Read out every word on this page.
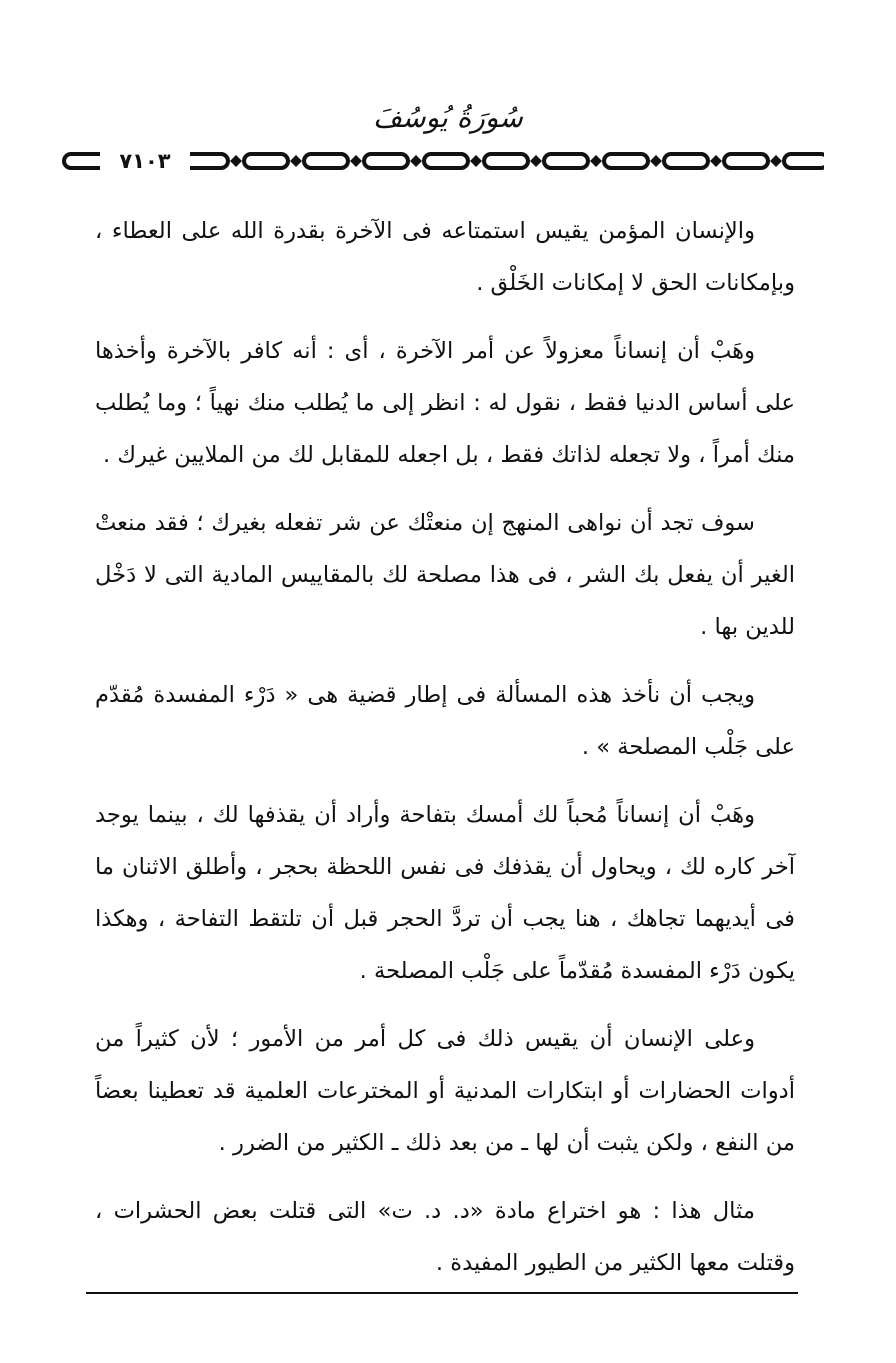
سُورَةُ يُوسُفَ
٧١٠٣

والإنسان المؤمن يقيس استمتاعه فى الآخرة بقدرة الله على العطاء ، وبإمكانات الحق لا إمكانات الخَلْق .

وهَبْ أن إنساناً معزولاً عن أمر الآخرة ، أى : أنه كافر بالآخرة وأخذها على أساس الدنيا فقط ، نقول له : انظر إلى ما يُطلب منك نهياً ؛ وما يُطلب منك أمراً ، ولا تجعله لذاتك فقط ، بل اجعله للمقابل لك من الملايين غيرك .

سوف تجد أن نواهى المنهج إن منعتْك عن شر تفعله بغيرك ؛ فقد منعتْ الغير أن يفعل بك الشر ، فى هذا مصلحة لك بالمقاييس المادية التى لا دَخْل للدين بها .

ويجب أن نأخذ هذه المسألة فى إطار قضية هى « دَرْء المفسدة مُقدّم على جَلْب المصلحة » .

وهَبْ أن إنساناً مُحباً لك أمسك بتفاحة وأراد أن يقذفها لك ، بينما يوجد آخر كاره لك ، ويحاول أن يقذفك فى نفس اللحظة بحجر ، وأطلق الاثنان ما فى أيديهما تجاهك ، هنا يجب أن تردَّ الحجر قبل أن تلتقط التفاحة ، وهكذا يكون دَرْء المفسدة مُقدّماً على جَلْب المصلحة .

وعلى الإنسان أن يقيس ذلك فى كل أمر من الأمور ؛ لأن كثيراً من أدوات الحضارات أو ابتكارات المدنية أو المخترعات العلمية قد تعطينا بعضاً من النفع ، ولكن يثبت أن لها ـ من بعد ذلك ـ الكثير من الضرر .

مثال هذا : هو اختراع مادة «د. د. ت» التى قتلت بعض الحشرات ، وقتلت معها الكثير من الطيور المفيدة .
